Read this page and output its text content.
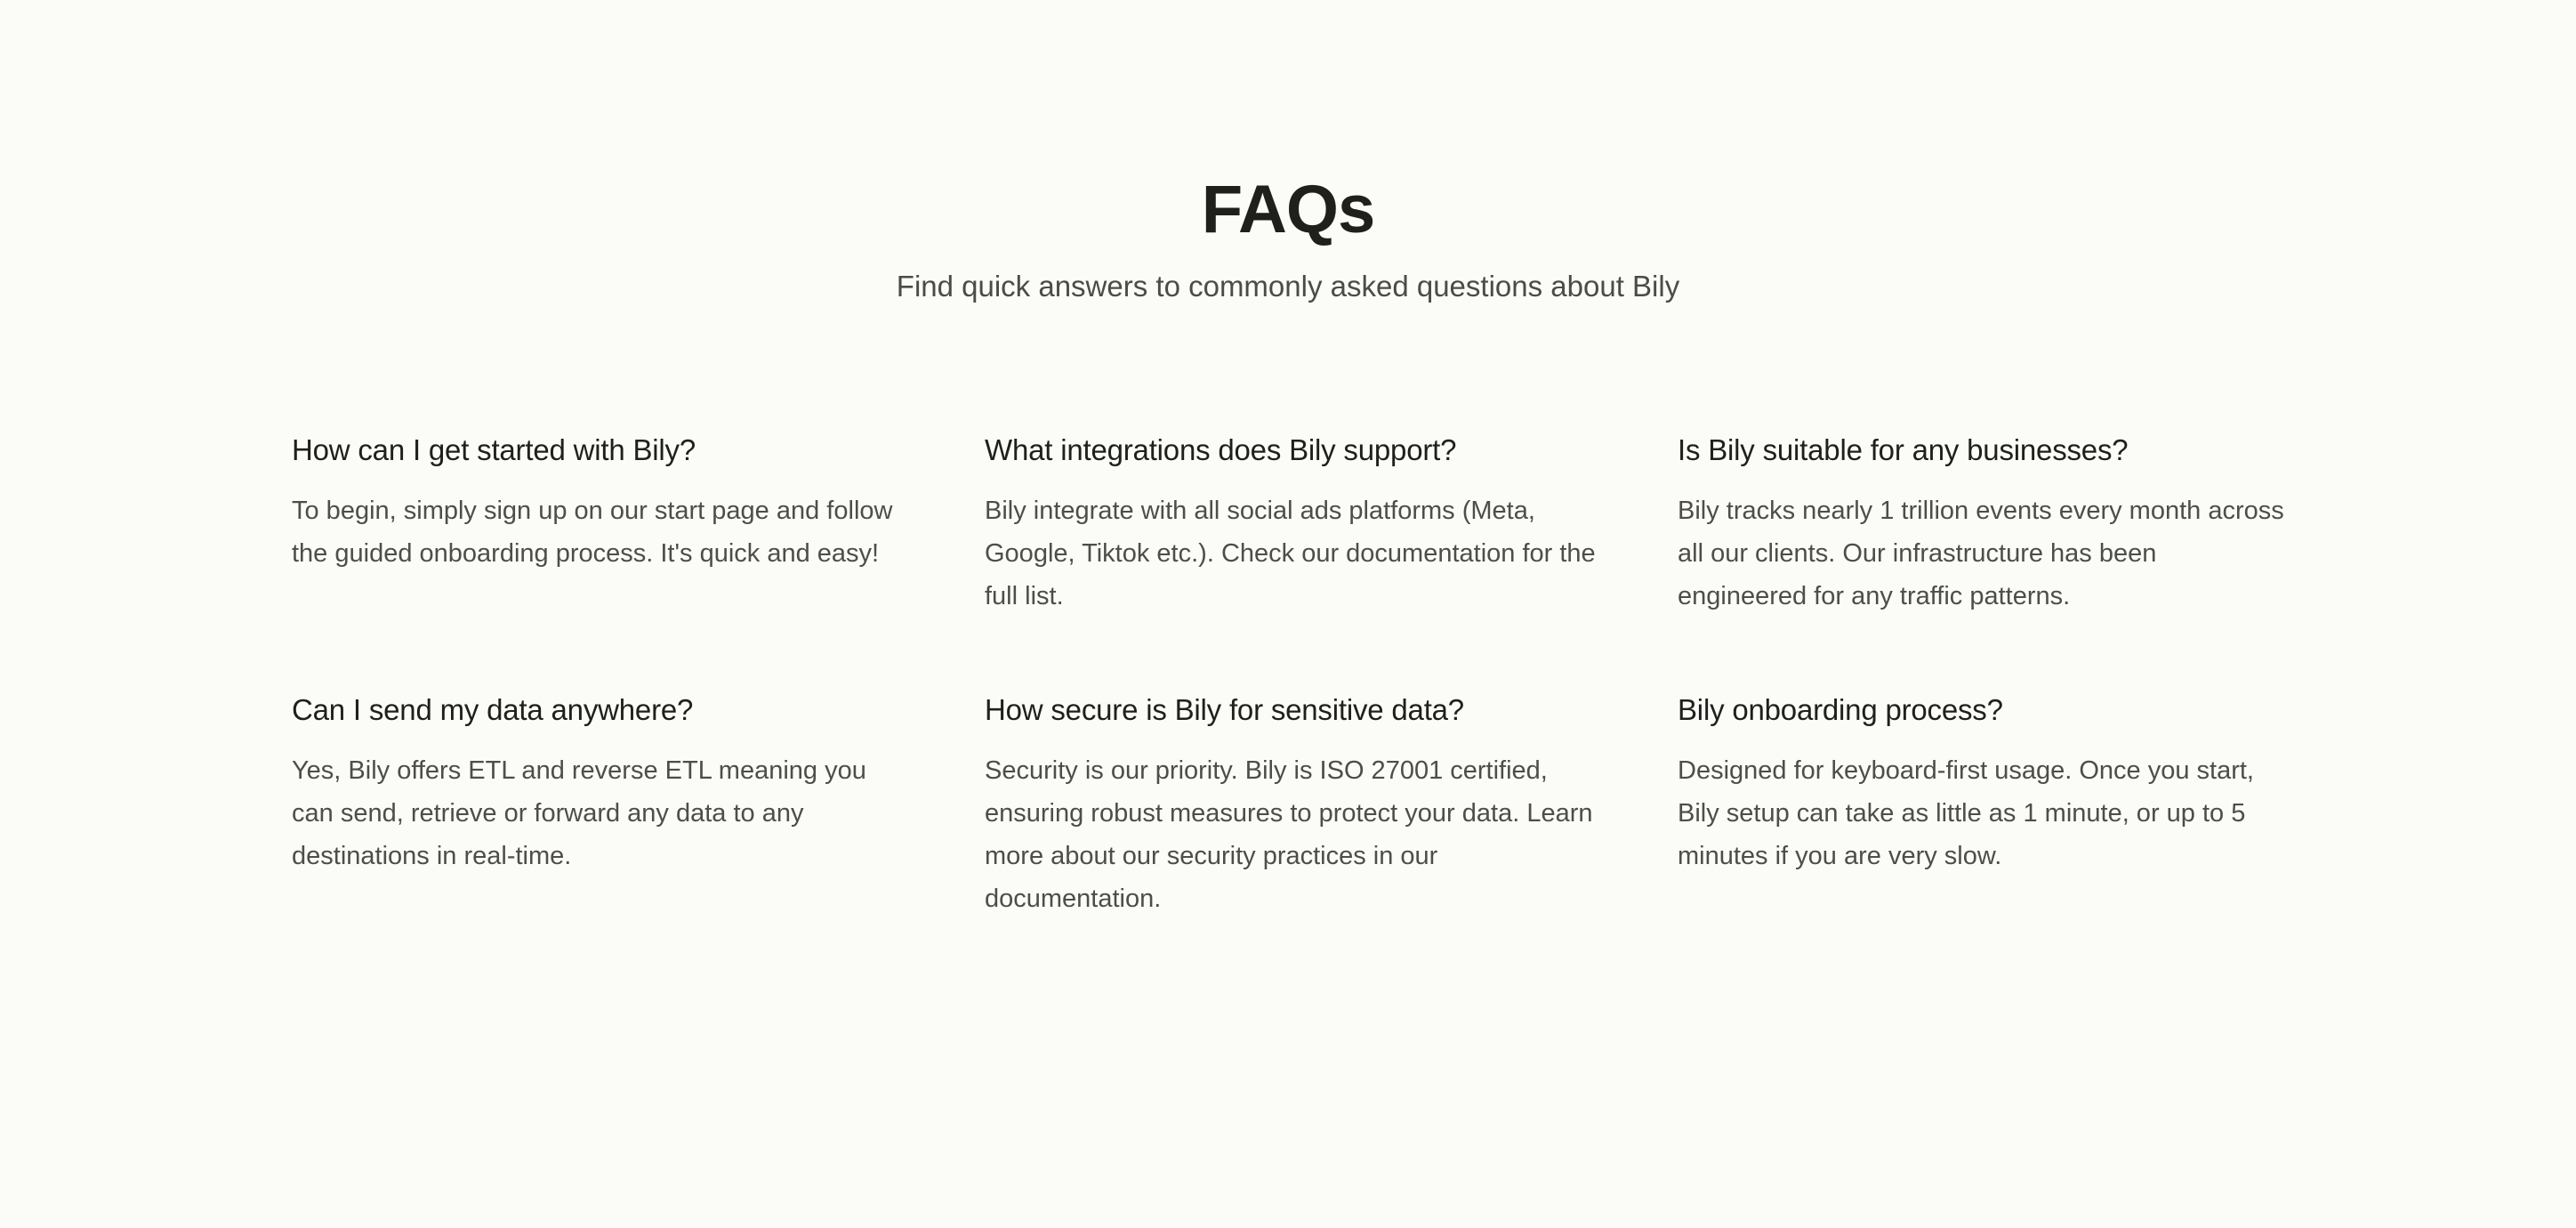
FAQs

Find quick answers to commonly asked questions about Bily

How can I get started with Bily?

To begin, simply sign up on our start page and follow the guided onboarding process. It's quick and easy!

What integrations does Bily support?

Bily integrate with all social ads platforms (Meta, Google, Tiktok etc.). Check our documentation for the full list.

Is Bily suitable for any businesses?

Bily tracks nearly 1 trillion events every month across all our clients. Our infrastructure has been engineered for any traffic patterns.

Can I send my data anywhere?

Yes, Bily offers ETL and reverse ETL meaning you can send, retrieve or forward any data to any destinations in real-time.

How secure is Bily for sensitive data?

Security is our priority. Bily is ISO 27001 certified, ensuring robust measures to protect your data. Learn more about our security practices in our documentation.

Bily onboarding process?

Designed for keyboard-first usage. Once you start, Bily setup can take as little as 1 minute, or up to 5 minutes if you are very slow.
